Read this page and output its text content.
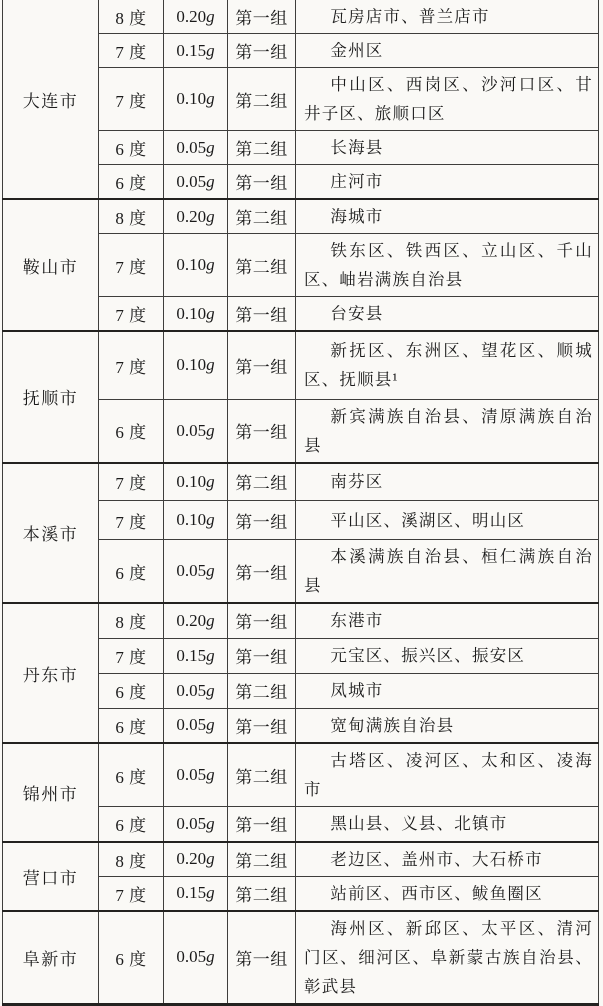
大连市	8 度	0.20g	第一组	瓦房店市、普兰店市

	7 度	0.15g	第一组	金州区

	7 度	0.10g	第二组	中山区、西岗区、沙河口区、甘井子区、旅顺口区

	6 度	0.05g	第二组	长海县

	6 度	0.05g	第一组	庄河市

鞍山市	8 度	0.20g	第二组	海城市

	7 度	0.10g	第二组	铁东区、铁西区、立山区、千山区、岫岩满族自治县

	7 度	0.10g	第一组	台安县

抚顺市	7 度	0.10g	第一组	新抚区、东洲区、望花区、顺城区、抚顺县¹

	6 度	0.05g	第一组	新宾满族自治县、清原满族自治县

本溪市	7 度	0.10g	第二组	南芬区

	7 度	0.10g	第一组	平山区、溪湖区、明山区

	6 度	0.05g	第一组	本溪满族自治县、桓仁满族自治县

丹东市	8 度	0.20g	第一组	东港市

	7 度	0.15g	第一组	元宝区、振兴区、振安区

	6 度	0.05g	第二组	凤城市

	6 度	0.05g	第一组	宽甸满族自治县

锦州市	6 度	0.05g	第二组	古塔区、凌河区、太和区、凌海市

	6 度	0.05g	第一组	黑山县、义县、北镇市

营口市	8 度	0.20g	第二组	老边区、盖州市、大石桥市

	7 度	0.15g	第二组	站前区、西市区、鲅鱼圈区

阜新市	6 度	0.05g	第一组	海州区、新邱区、太平区、清河门区、细河区、阜新蒙古族自治县、彰武县
